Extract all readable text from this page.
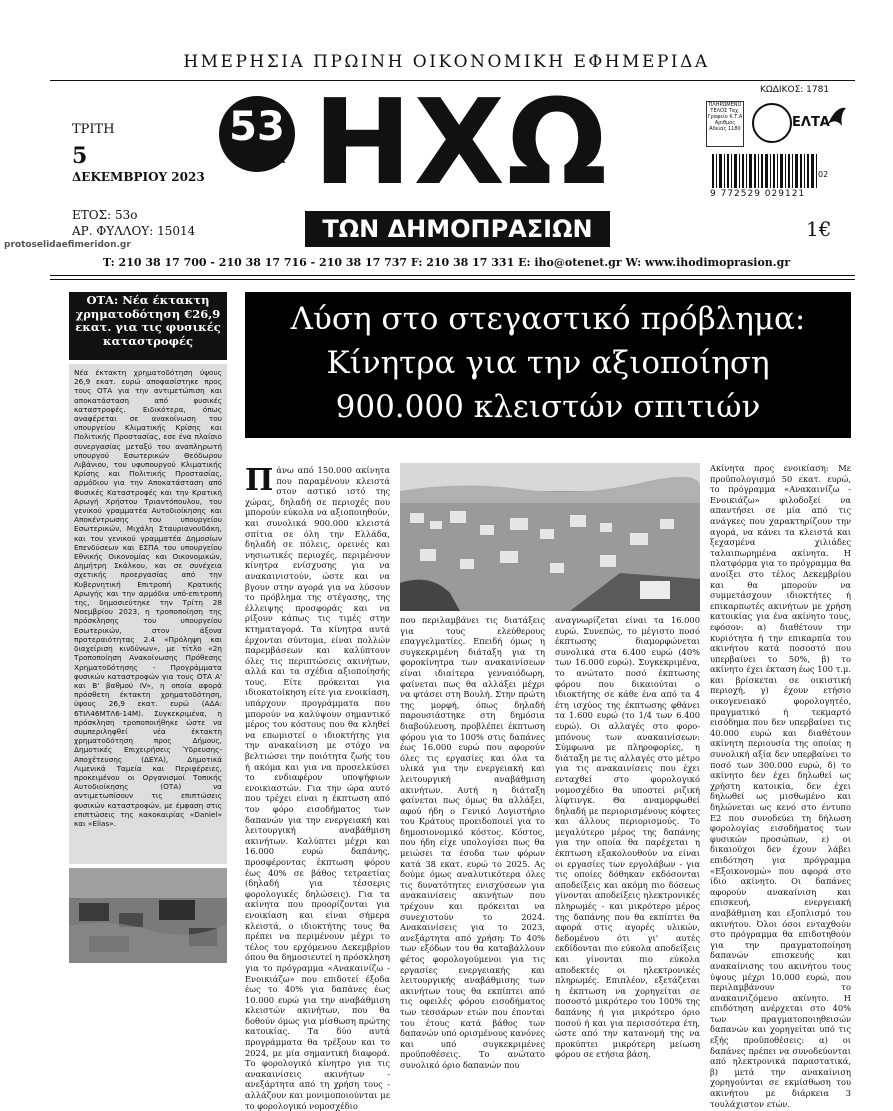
ΗΜΕΡΗΣΙΑ ΠΡΩΙΝΗ ΟΙΚΟΝΟΜΙΚΗ ΕΦΗΜΕΡΙΔΑ
ΤΡΙΤΗ
5
ΔΕΚΕΜΒΡΙΟΥ 2023
ΕΤΟΣ: 53ο
ΑΡ. ΦΥΛΛΟΥ: 15014
53
ΧΡΟΝΙΑ ΗΧΩ
ΤΩΝ ΔΗΜΟΠΡΑΣΙΩΝ
ΚΩΔΙΚΟΣ: 1781
ΠΛΗΡΩΜΕΝΟ ΤΕΛΟΣ Ταχ. Γραφείο Κ.Τ.Α Αριθμός Άδειας 1180	ΕΛΤΑ
02
9 772529 029121
1€
protoselidaefimeridon.gr
T: 210 38 17 700 - 210 38 17 716 - 210 38 17 737 F: 210 38 17 331 E: iho@otenet.gr W: www.ihodimoprasion.gr
ΟΤΑ: Νέα έκτακτη χρηματοδότηση €26,9 εκατ. για τις φυσικές καταστροφές
Νέα έκτακτη χρηματοδότηση ύψους 26,9 εκατ. ευρώ αποφασίστηκε προς τους ΟΤΑ για την αντιμετώπιση και αποκατάσταση από φυσικές καταστροφές. Ειδικότερα, όπως αναφέρεται σε ανακοίνωση του υπουργείου Κλιματικής Κρίσης και Πολιτικής Προστασίας, εσε ένα πλαίσιο συνεργασίας μεταξύ του αναπληρωτή υπουργού Εσωτερικών Θεόδωρου Λιβάνιου, του υφυπουργού Κλιματικής Κρίσης και Πολιτικής Προστασίας, αρμόδιου για την Αποκατάσταση από Φυσικές Καταστροφές και την Κρατική Αρωγή Χρήστου Τριαντόπουλου, του γενικού γραμματέα Αυτοδιοίκησης και Αποκέντρωσης του υπουργείου Εσωτερικών, Μιχάλη Σταυριανουδάκη, και του γενικού γραμματέα Δημοσίων Επενδύσεων και ΕΣΠΑ του υπουργείου Εθνικής Οικονομίας και Οικονομικών, Δημήτρη Σκάλκου, και σε συνέχεια σχετικής προεργασίας από την Κυβερνητική Επιτροπή Κρατικής Αρωγής και την αρμόδια υπό-επιτροπή της, δημοσιεύτηκε την Τρίτη 28 Νοεμβρίου 2023, η τροποποίηση της πρόσκλησης του υπουργείου Εσωτερικών, στον άξονα προτεραιότητας 2.4 «Πρόληψη και διαχείριση κινδύνων», με τίτλο «2η Τροποποίηση Ανακοίνωσης Πρόθεσης Χρηματοδότησης - Προγράμματα φυσικών καταστροφών για τους ΟΤΑ Α' και Β' βαθμού IV», η οποία αφορά πρόσθετη έκτακτη χρηματοδότηση, ύψους 26,9 εκατ. ευρώ (ΑΔΑ: 6ΤΙΛ46ΜΤΛ6-14Μ). Συγκεκριμένα, η πρόσκληση τροποποιήθηκε ώστε να συμπεριληφθεί νέα έκτακτη χρηματοδότηση προς Δήμους, Δημοτικές Επιχειρήσεις Ύδρευσης-Αποχέτευσης (ΔΕΥΑ), Δημοτικά Λιμενικά Ταμεία και Περιφέρειες, προκειμένου οι Οργανισμοί Τοπικής Αυτοδιοίκησης (ΟΤΑ) να αντιμετωπίσουν τις επιπτώσεις φυσικών καταστροφών, με έμφαση στις επιπτώσεις της κακοκαιρίας «Daniel» και «Elias».
Λύση στο στεγαστικό πρόβλημα:
Κίνητρα για την αξιοποίηση
900.000 κλειστών σπιτιών
Πάνω από 150.000 ακίνητα που παραμένουν κλειστά στον αστικό ιστό της χώρας, δηλαδή σε περιοχές που μπορούν εύκολα να αξιοποιηθούν, και συνολικά 900.000 κλειστά σπίτια σε όλη την Ελλάδα, δηλαδή σε πόλεις, ορεινές και νησιωτικές περιοχές, περιμένουν κίνητρα ενίσχυσης για να ανακαινιστούν, ώστε και να βγουν στην αγορά για να λύσουν το πρόβλημα της στέγασης, της έλλειψης προσφοράς και να ρίξουν κάπως τις τιμές στην κτηματαγορά. Τα κίνητρα αυτά έρχονται σύντομα, είναι πολλών παρεμβάσεων και καλύπτουν όλες τις περιπτώσεις ακινήτων, αλλά και τα σχέδια αξιοποίησής τους. Είτε πρόκειται για ιδιοκατοίκηση είτε για ενοικίαση, υπάρχουν προγράμματα που μπορούν να καλύψουν σημαντικό μέρος του κόστους που θα κληθεί να επωμιστεί ο ιδιοκτήτης για την ανακαίνιση με στόχο να βελτιώσει την ποιότητα ζωής του ή ακόμα και για να προσελκύσει το ενδιαφέρον υποψήφιων ενοικιαστών. Για την ώρα αυτό που τρέχει είναι η έκπτωση από τον φόρο εισοδήματος των δαπανών για την ενεργειακή και λειτουργική αναβάθμιση ακινήτων. Καλύπτει μέχρι και 16.000 ευρώ δαπάνης, προσφέροντας έκπτωση φόρου έως 40% σε βάθος τετραετίας (δηλαδή για τέσσερις φορολογικές δηλώσεις). Για τα ακίνητα που προορίζονται για ενοικίαση και είναι σήμερα κλειστά, ο ιδιοκτήτης τους θα πρέπει να περιμένουν μέχρι το τέλος του ερχόμενου Δεκεμβρίου όπου θα δημοσιευτεί η πρόσκληση για το πρόγραμμα «Ανακαινίζω - Ενοικιάζω» που επιδοτεί έξοδα έως το 40% για δαπάνες έως 10.000 ευρώ για την αναβάθμιση κλειστών ακινήτων, που θα δοθούν όμως για μίσθωση πρώτης κατοικίας. Τα δύο αυτά προγράμματα θα τρέξουν και το 2024, με μία σημαντική διαφορά. Το φορολογικό κίνητρο για τις ανακαινίσεις ακινήτων - ανεξάρτητα από τη χρήση τους - αλλάζουν και μονιμοποιούνται με το φορολογικό νομοσχέδιο
που περιλαμβάνει τις διατάξεις για τους ελεύθερους επαγγελματίες. Επειδή όμως η συγκεκριμένη διάταξη για τη φοροκίνητρα των ανακαινίσεων είναι ιδιαίτερα γενναιόδωρη, φαίνεται πως θα αλλάξει μέχρι να φτάσει στη Βουλή. Στην πρώτη της μορφή, όπως δηλαδή παρουσιάστηκε στη δημόσια διαβούλευση, προβλέπει έκπτωση φόρου για το 100% στις δαπάνες έως 16.000 ευρώ που αφορούν όλες τις εργασίες και όλα τα υλικά για την ενεργειακή και λειτουργική αναβάθμιση ακινήτων. Αυτή η διάταξη φαίνεται πως όμως θα αλλάξει, αφού ήδη ο Γενικό Λογιστήριο του Κράτους προειδοποιεί για το δημοσιονομικό κόστος. Κόστος, που ήδη είχε υπολογίσει πως θα μειώσει τα έσοδα των φόρων κατά 38 εκατ. ευρώ το 2025. Ας δούμε όμως αναλυτικότερα όλες τις δυνατότητες ενισχύσεων για ανακαινίσεις ακινήτων που τρέχουν και πρόκειται να συνεχιστούν το 2024. Ανακαινίσεις για το 2023, ανεξάρτητα από χρήση: Το 40% των εξόδων του θα καταβάλλουν φέτος φορολογούμενοι για τις εργασίες ενεργειακής και λειτουργικής αναβάθμισης των ακινήτων τους θα εκπίπτει από τις οφειλές φόρου εισοδήματος των τεσσάρων ετών που έπονται του έτους κατά βάθος των δαπανών υπό ορισμένους κανόνες και υπό συγκεκριμένες προϋποθέσεις. Το ανώτατο συνολικό όριο δαπανών που
αναγνωρίζεται είναι τα 16.000 ευρώ. Συνεπώς, το μέγιστο ποσό έκπτωσης διαμορφώνεται συνολικά στα 6.400 ευρώ (40% των 16.000 ευρώ). Συγκεκριμένα, το ανώτατο ποσό έκπτωσης φόρου που δικαιούται ο ιδιοκτήτης σε κάθε ένα από τα 4 έτη ισχύος της έκπτωσης φθάνει τα 1.600 ευρώ (το 1/4 των 6.400 ευρώ). Οι αλλαγές στο φορο-μπόνους των ανακαινίσεων: Σύμφωνα με πληροφορίες, η διάταξη με τις αλλαγές στο μέτρο για τις ανακαινίσεις που έχει ενταχθεί στο φορολογικό νομοσχέδιο θα υποστεί ριζική λίφτινγκ. Θα αναμορφωθεί δηλαδή με περιορισμένους κόφτες και άλλους περιορισμούς. Το μεγαλύτερο μέρος της δαπάνης για την οποία θα παρέχεται η έκπτωση εξακολουθούν να είναι οι εργασίες των εργολάβων - για τις οποίες δόθηκαν εκδόσονται αποδείξεις και ακόμη πιο δόσεως γίνονται αποδείξεις ηλεκτρονικές πληρωμές - και μικρότερο μέρος της δαπάνης που θα εκπίπτει θα αφορά στις αγορές υλικών, δεδομένου ότι γι' αυτές εκδίδονται πιο εύκολα αποδείξεις και γίνονται πιο εύκολα αποδεκτές οι ηλεκτρονικές πληρωμές. Επιπλέον, εξετάζεται η έκπτωση να χορηγείται σε ποσοστό μικρότερο του 100% της δαπάνης ή για μικρότερο όριο ποσού ή και για περισσότερα έτη, ώστε από την κατανομή της να προκύπτει μικρότερη μείωση φόρου σε ετήσια βάση.
Ακίνητα προς ενοικίαση: Με προϋπολογισμό 50 εκατ. ευρώ, το πρόγραμμα «Ανακαινίζω - Ενοικιάζω» φιλοδοξεί να απαντήσει σε μία από τις ανάγκες που χαρακτηρίζουν την αγορά, να κάνει τα κλειστά και ξεχασμένα χιλιάδες ταλαιπωρημένα ακίνητα. Η πλατφόρμα για το πρόγραμμα θα ανοίξει στο τέλος Δεκεμβρίου και θα μπορούν να συμμετάσχουν ιδιοκτήτες ή επικαρπωτές ακινήτων με χρήση κατοικίας για ένα ακίνητο τους, εφόσον: α) διαθέτουν την κυριότητα ή την επικαρπία του ακινήτου κατά ποσοστό που υπερβαίνει το 50%, β) το ακίνητο έχει έκταση έως 100 τ.μ. και βρίσκεται σε οικιστική περιοχή, γ) έχουν ετήσιο οικογενειακό φορολογητέο, πραγματικό ή τεκμαρτό εισόδημα που δεν υπερβαίνει τις 40.000 ευρώ και διαθέτουν ακίνητη περιουσία της οποίας η συνολική αξία δεν υπερβαίνει το ποσό των 300.000 ευρώ, δ) το ακίνητο δεν έχει δηλωθεί ως χρήστη κατοικία, δεν έχει δηλωθεί ως μισθωμένο και δηλώνεται ως κενό στο έντυπο Ε2 που συνοδεύει τη δήλωση φορολογίας εισοδήματος των φυσικών προσώπων, ε) οι δικαιούχοι δεν έχουν λάβει επιδότηση για πρόγραμμα «Εξοικονομώ» που αφορά στο ίδιο ακίνητο. Οι δαπάνες αφορούν ανακαίνιση και επισκευή, ενεργειακή αναβάθμιση και εξοπλισμό του ακινήτου. Όλοι όσοι ενταχθούν στο πρόγραμμα θα επιδοτηθούν για την πραγματοποίηση δαπανών επισκευής και ανακαίνισης του ακινήτου τους ύψους μέχρι 10.000 ευρώ, που περιλαμβάνουν το ανακαινιζόμενο ακίνητο. Η επιδότηση ανέρχεται στο 40% των πραγματοποιηθεισών δαπανών και χορηγείται υπό τις εξής προϋποθέσεις: α) οι δαπάνες πρέπει να συνοδεύονται από ηλεκτρονικά παραστατικά, β) μετά την ανακαίνιση χορηγούνται σε εκμίσθωση του ακινήτου με διάρκεια 3 τουλάχιστον ετών.
